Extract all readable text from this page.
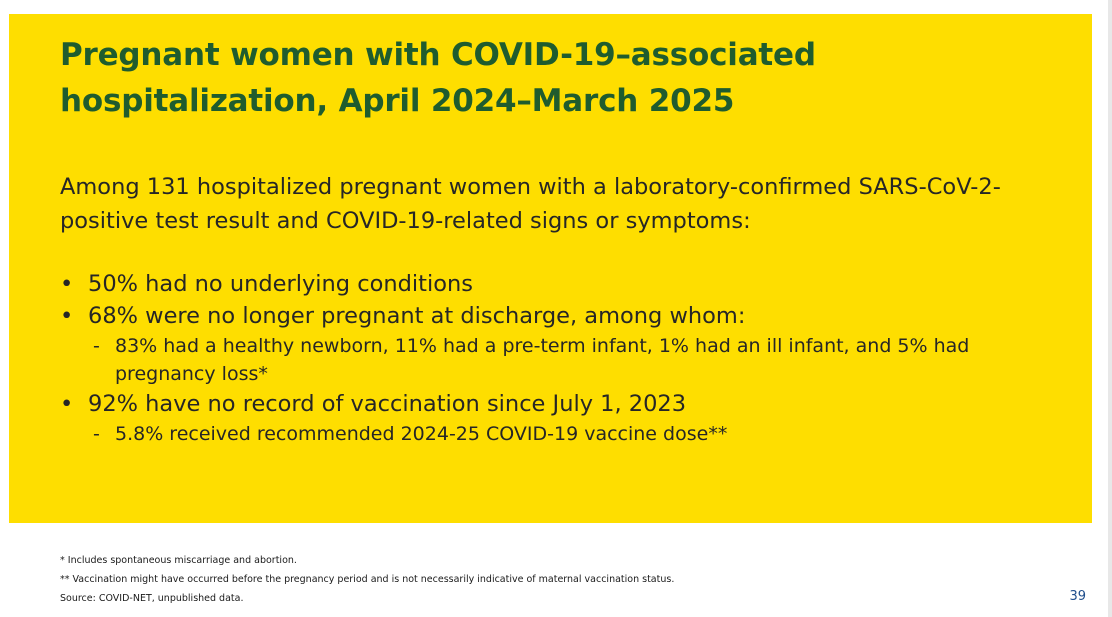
Pregnant women with COVID-19–associated hospitalization, April 2024–March 2025

Among 131 hospitalized pregnant women with a laboratory-confirmed SARS-CoV-2-positive test result and COVID-19-related signs or symptoms:

• 50% had no underlying conditions
• 68% were no longer pregnant at discharge, among whom:
- 83% had a healthy newborn, 11% had a pre-term infant, 1% had an ill infant, and 5% had pregnancy loss*
• 92% have no record of vaccination since July 1, 2023
- 5.8% received recommended 2024-25 COVID-19 vaccine dose**

* Includes spontaneous miscarriage and abortion.

** Vaccination might have occurred before the pregnancy period and is not necessarily indicative of maternal vaccination status.

Source: COVID-NET, unpublished data.	39
